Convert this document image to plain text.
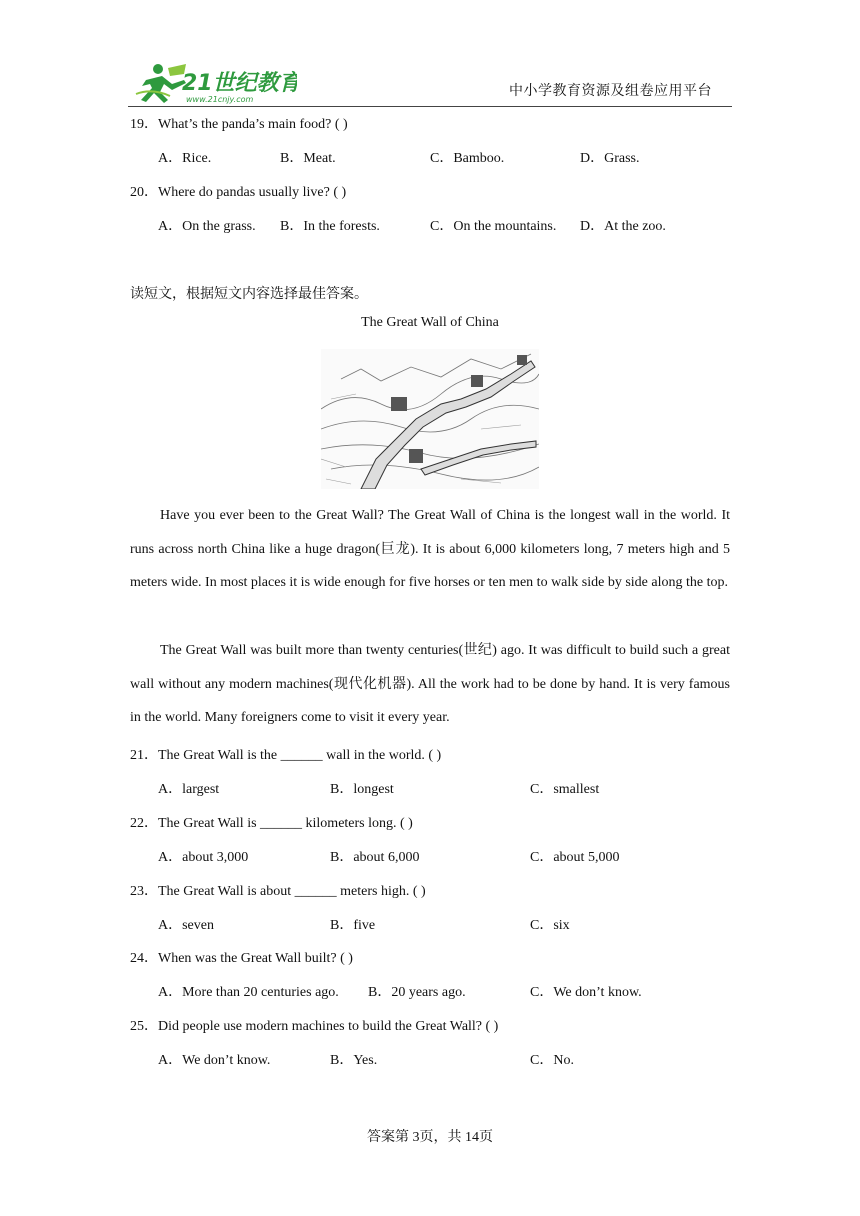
21世纪教育
www.21cnjy.com
中小学教育资源及组卷应用平台
19．What’s the panda’s main food? ( )
A．Rice.	B．Meat.	C．Bamboo.	D．Grass.
20．Where do pandas usually live? ( )
A．On the grass. B．In the forests.	C．On the mountains. D．At the zoo.
读短文，根据短文内容选择最佳答案。
The Great Wall of China
Have you ever been to the Great Wall? The Great Wall of China is the longest wall in the world. It runs across north China like a huge dragon(巨龙). It is about 6,000 kilometers long, 7 meters high and 5 meters wide. In most places it is wide enough for five horses or ten men to walk side by side along the top.
The Great Wall was built more than twenty centuries(世纪) ago. It was difficult to build such a great wall without any modern machines(现代化机器). All the work had to be done by hand. It is very famous in the world. Many foreigners come to visit it every year.
21．The Great Wall is the ______ wall in the world. ( )
A．largest	B．longest	C．smallest
22．The Great Wall is ______ kilometers long. ( )
A．about 3,000	B．about 6,000	C．about 5,000
23．The Great Wall is about ______ meters high. ( )
A．seven	B．five	C．six
24．When was the Great Wall built? ( )
A．More than 20 centuries ago. B．20 years ago.	C．We don’t know.
25．Did people use modern machines to build the Great Wall? ( )
A．We don’t know.	B．Yes.	C．No.
答案第 3页，共 14页
